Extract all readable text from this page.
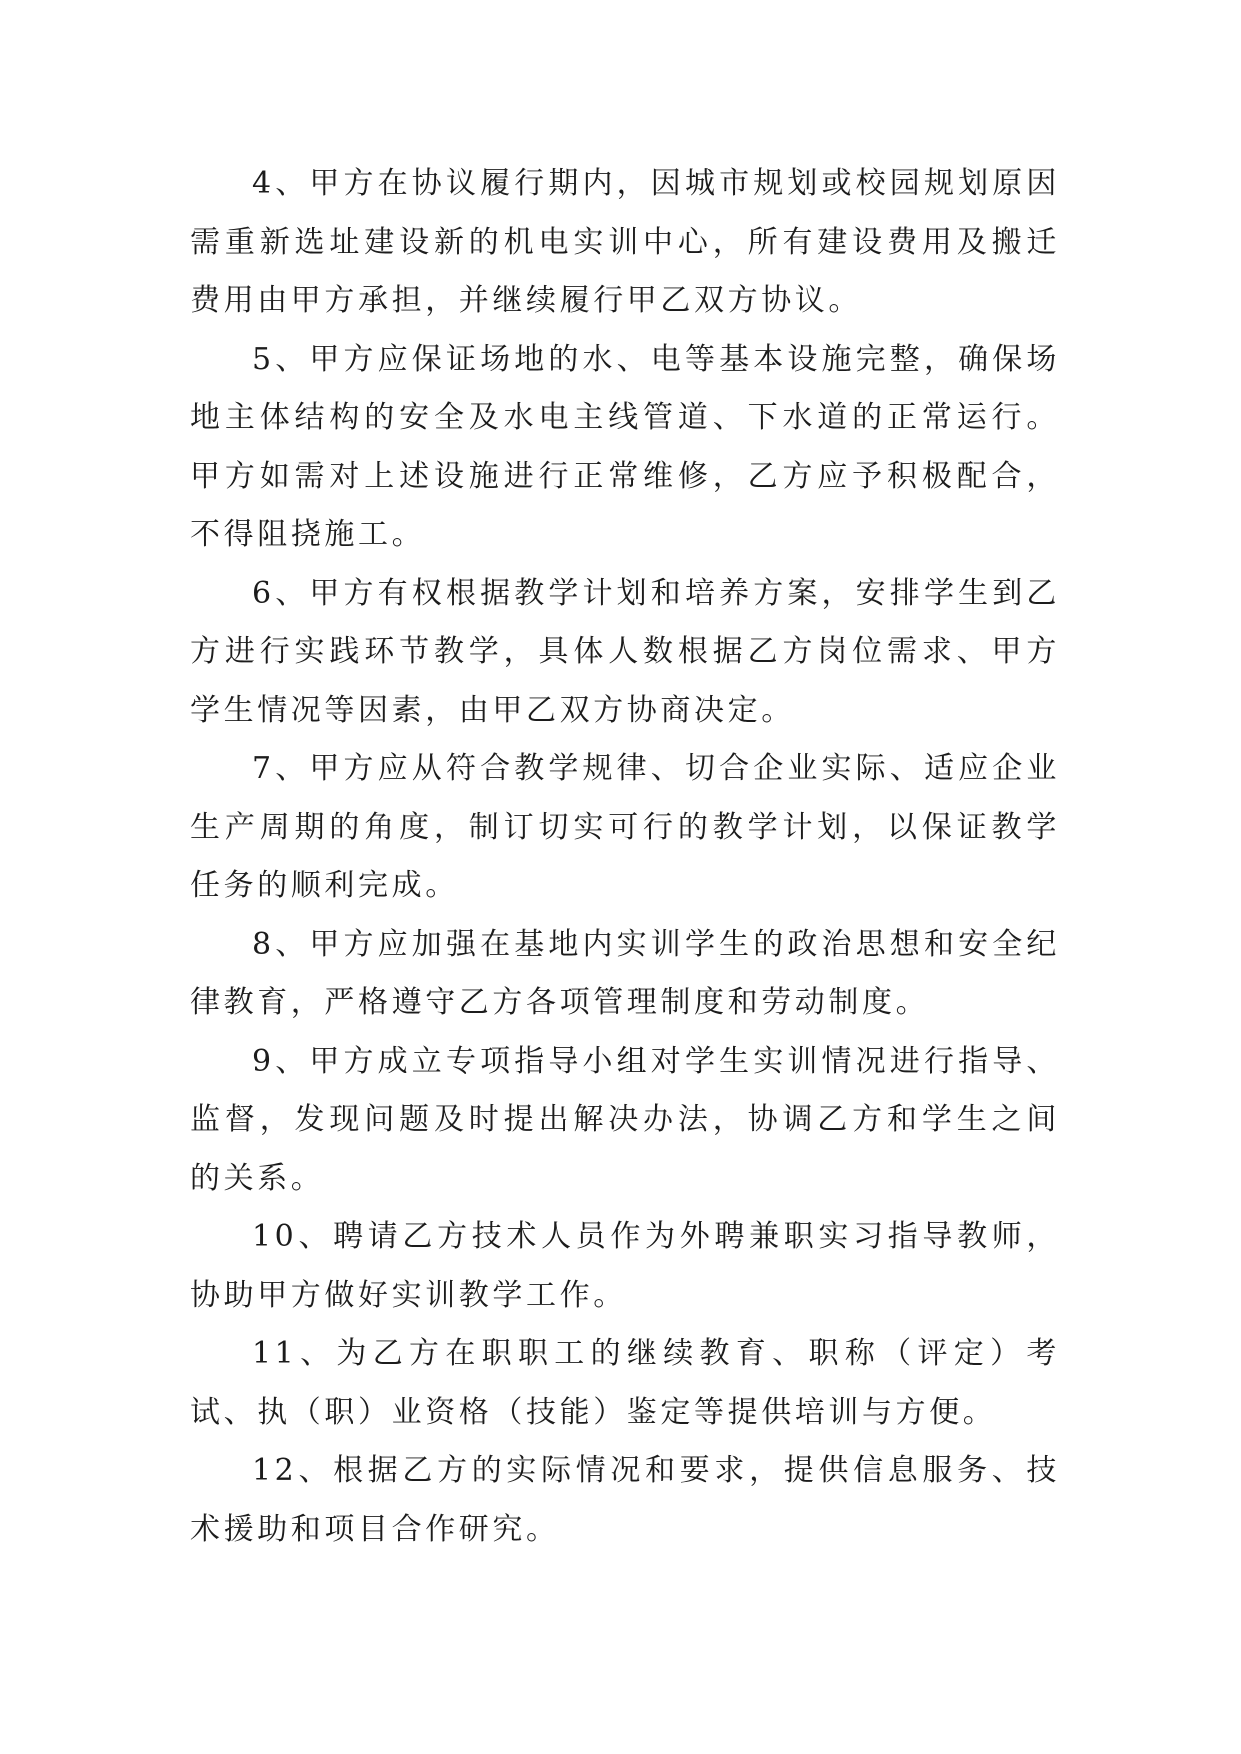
4、甲方在协议履行期内，因城市规划或校园规划原因需重新选址建设新的机电实训中心，所有建设费用及搬迁费用由甲方承担，并继续履行甲乙双方协议。

5、甲方应保证场地的水、电等基本设施完整，确保场地主体结构的安全及水电主线管道、下水道的正常运行。甲方如需对上述设施进行正常维修，乙方应予积极配合，不得阻挠施工。

6、甲方有权根据教学计划和培养方案，安排学生到乙方进行实践环节教学，具体人数根据乙方岗位需求、甲方学生情况等因素，由甲乙双方协商决定。

7、甲方应从符合教学规律、切合企业实际、适应企业生产周期的角度，制订切实可行的教学计划，以保证教学任务的顺利完成。

8、甲方应加强在基地内实训学生的政治思想和安全纪律教育，严格遵守乙方各项管理制度和劳动制度。

9、甲方成立专项指导小组对学生实训情况进行指导、监督，发现问题及时提出解决办法，协调乙方和学生之间的关系。

10、聘请乙方技术人员作为外聘兼职实习指导教师，协助甲方做好实训教学工作。

11、为乙方在职职工的继续教育、职称（评定）考试、执（职）业资格（技能）鉴定等提供培训与方便。

12、根据乙方的实际情况和要求，提供信息服务、技术援助和项目合作研究。
